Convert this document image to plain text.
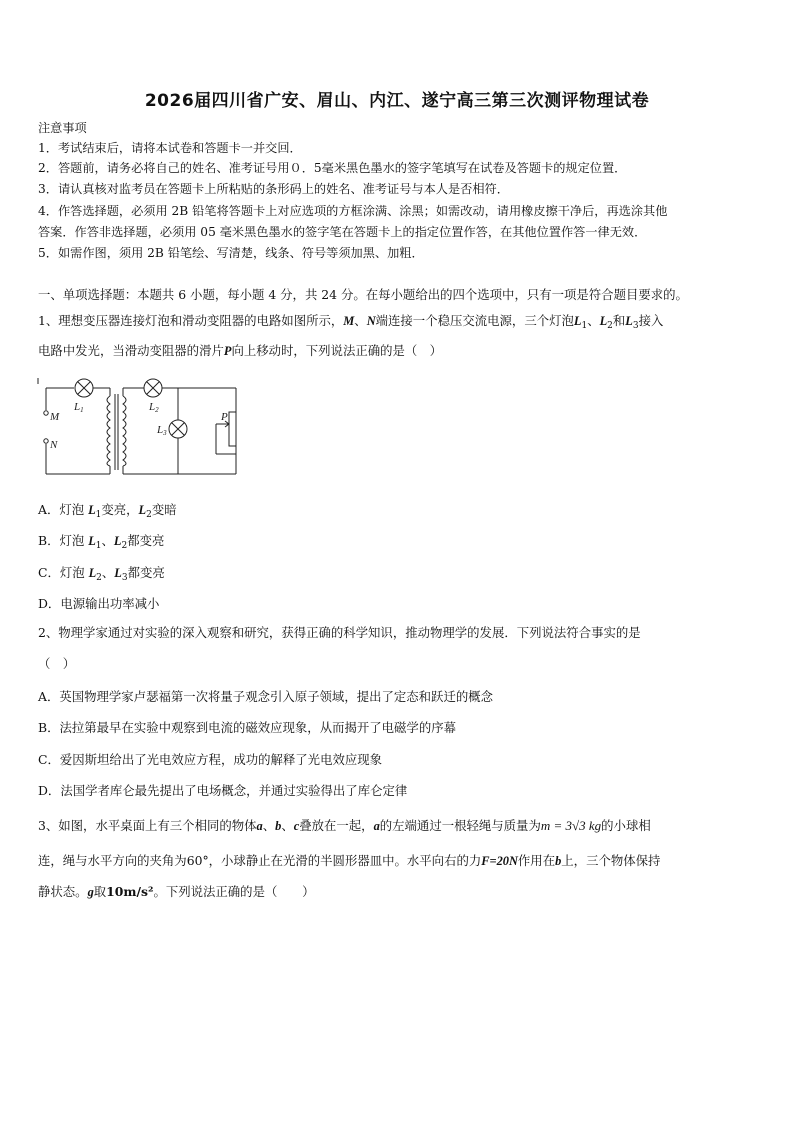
2026届四川省广安、眉山、内江、遂宁高三第三次测评物理试卷
注意事项
1．考试结束后，请将本试卷和答题卡一并交回．
2．答题前，请务必将自己的姓名、准考证号用０．5毫米黑色墨水的签字笔填写在试卷及答题卡的规定位置．
3．请认真核对监考员在答题卡上所粘贴的条形码上的姓名、准考证号与本人是否相符．
4．作答选择题，必须用 2B 铅笔将答题卡上对应选项的方框涂满、涂黑；如需改动，请用橡皮擦干净后，再选涂其他
答案．作答非选择题，必须用 05 毫米黑色墨水的签字笔在答题卡上的指定位置作答，在其他位置作答一律无效．
5．如需作图，须用 2B 铅笔绘、写清楚，线条、符号等须加黑、加粗．
一、单项选择题：本题共 6 小题，每小题 4 分，共 24 分。在每小题给出的四个选项中，只有一项是符合题目要求的。
1、理想变压器连接灯泡和滑动变阻器的电路如图所示，M、N端连接一个稳压交流电源，三个灯泡$L_1$、$L_2$和$L_3$接入
电路中发光，当滑动变阻器的滑片P向上移动时，下列说法正确的是（　）
M
N
L1	L2
L3
P
A．灯泡 $L_1$变亮，$L_2$变暗
B．灯泡 $L_1$、$L_2$都变亮
C．灯泡 $L_2$、$L_3$都变亮
D．电源输出功率减小
2、物理学家通过对实验的深入观察和研究，获得正确的科学知识，推动物理学的发展．下列说法符合事实的是
（　）
A．英国物理学家卢瑟福第一次将量子观念引入原子领域，提出了定态和跃迁的概念
B．法拉第最早在实验中观察到电流的磁效应现象，从而揭开了电磁学的序幕
C．爱因斯坦给出了光电效应方程，成功的解释了光电效应现象
D．法国学者库仑最先提出了电场概念，并通过实验得出了库仑定律
3、如图，水平桌面上有三个相同的物体a、b、c叠放在一起，a的左端通过一根轻绳与质量为m = 3√3 kg的小球相
连，绳与水平方向的夹角为60°，小球静止在光滑的半圆形器皿中。水平向右的力F=20N作用在b上，三个物体保持
静状态。g取10m/s²。下列说法正确的是（　　）
